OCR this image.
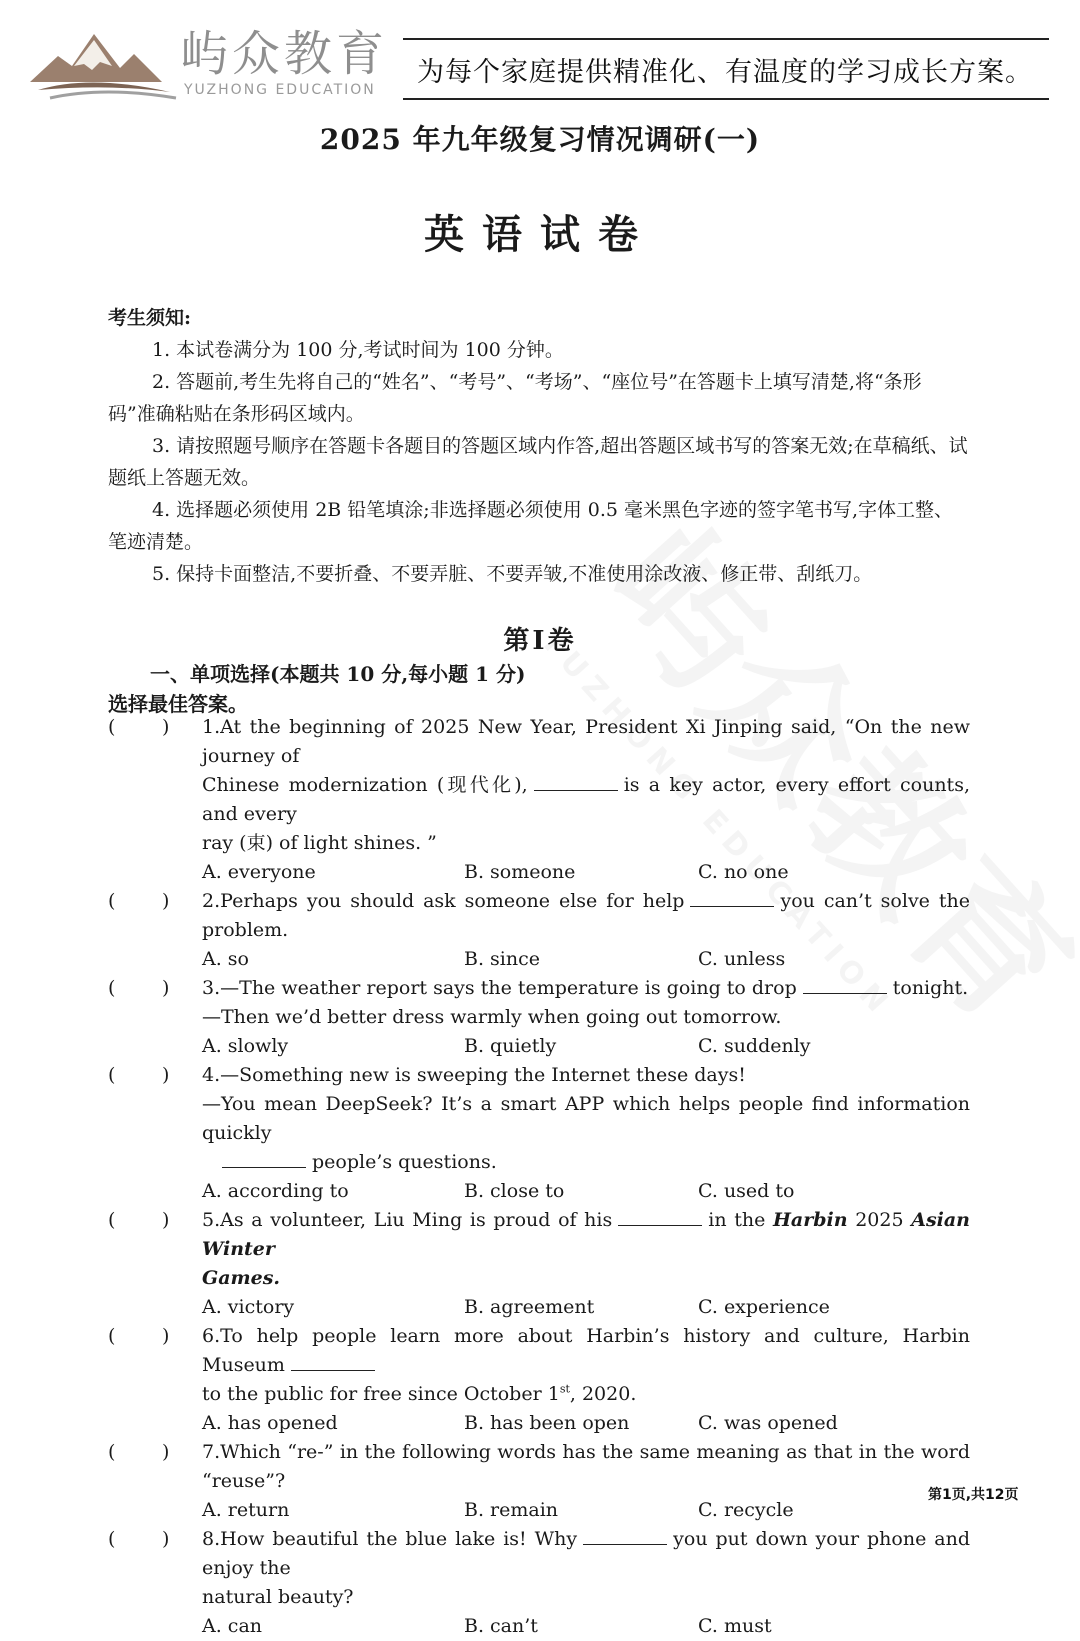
屿众教育
YUZHONG EDUCATION
为每个家庭提供精准化、有温度的学习成长方案。
2025 年九年级复习情况调研(一)
英语试卷

考生须知:

1. 本试卷满分为 100 分,考试时间为 100 分钟。

2. 答题前,考生先将自己的“姓名”、“考号”、“考场”、“座位号”在答题卡上填写清楚,将“条形码”准确粘贴在条形码区域内。

3. 请按照题号顺序在答题卡各题目的答题区域内作答,超出答题区域书写的答案无效;在草稿纸、试题纸上答题无效。

4. 选择题必须使用 2B 铅笔填涂;非选择题必须使用 0.5 毫米黑色字迹的签字笔书写,字体工整、笔迹清楚。

5. 保持卡面整洁,不要折叠、不要弄脏、不要弄皱,不准使用涂改液、修正带、刮纸刀。

第Ⅰ卷
一、单项选择(本题共 10 分,每小题 1 分)
选择最佳答案。
( )	1.At the beginning of 2025 New Year, President Xi Jinping said, “On the new journey of
Chinese modernization (现代化),	is a key actor, every effort counts, and every
ray (束) of light shines. ”
A. everyone	B. someone	C. no one
( )	2.Perhaps you should ask someone else for help	you can’t solve the problem.
A. so	B. since	C. unless
( )	3.—The weather report says the temperature is going to drop	tonight.
—Then we’d better dress warmly when going out tomorrow.
A. slowly	B. quietly	C. suddenly
( )	4.—Something new is sweeping the Internet these days!
—You mean DeepSeek? It’s a smart APP which helps people find information quickly
people’s questions.
A. according to	B. close to	C. used to
( )	5.As a volunteer, Liu Ming is proud of his	in the Harbin 2025 Asian Winter
Games.
A. victory	B. agreement	C. experience
( )	6.To help people learn more about Harbin’s history and culture, Harbin Museum
to the public for free since October 1st, 2020.
A. has opened	B. has been open	C. was opened
( )	7.Which “re-” in the following words has the same meaning as that in the word “reuse”?
A. return	B. remain	C. recycle
( )	8.How beautiful the blue lake is! Why	you put down your phone and enjoy the
natural beauty?
A. can	B. can’t	C. must
第1页,共12页
